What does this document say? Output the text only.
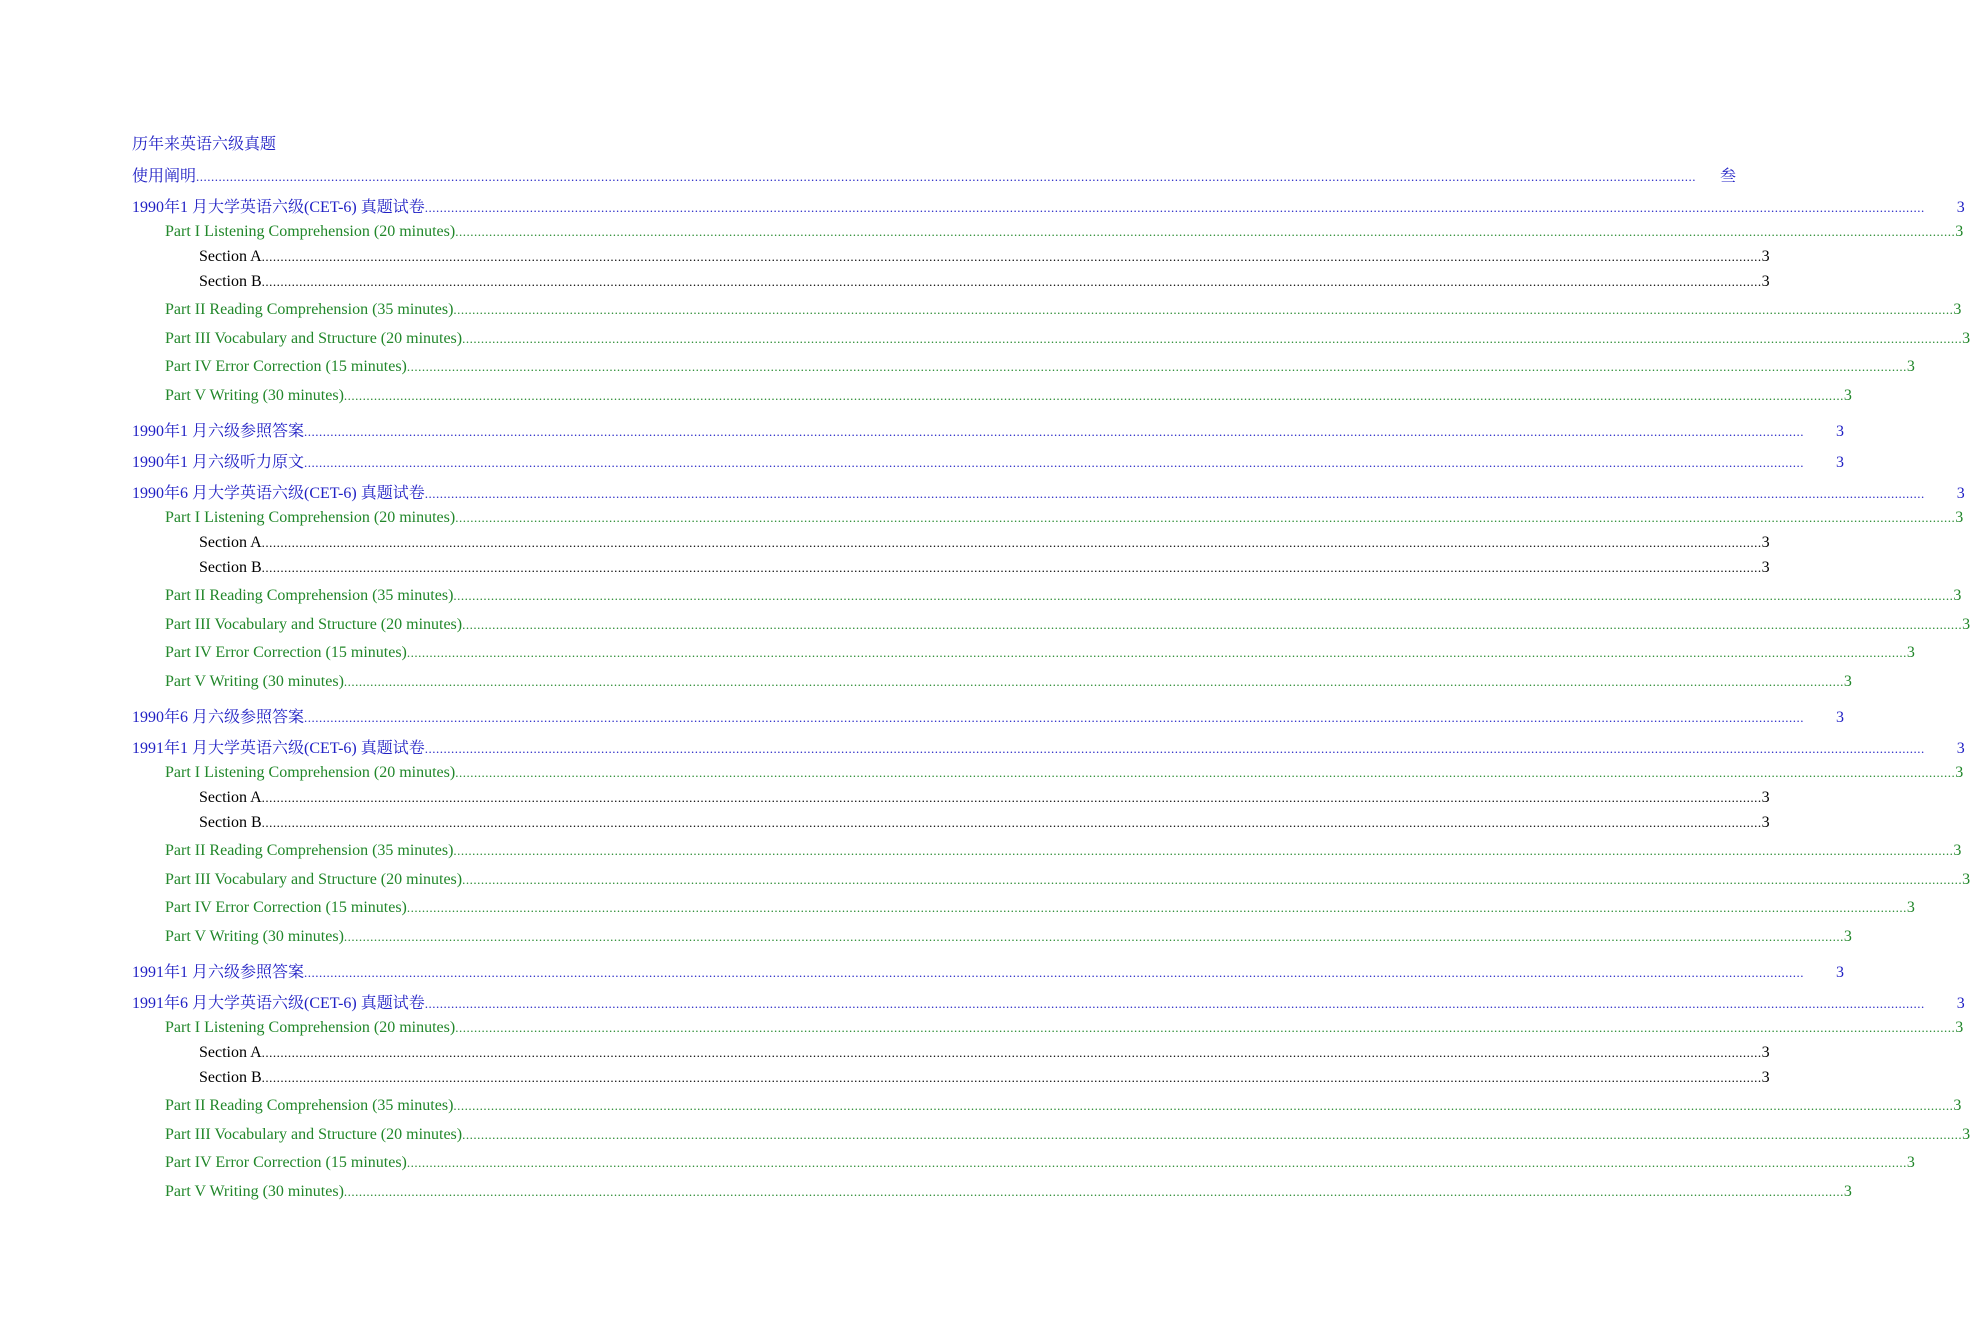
历年来英语六级真题
使用阐明 ................................................................................................................................................................................................................................................................................................................................................................................................................	叁
1990年1 月大学英语六级(CET-6) 真题试卷 ................................................................................................................................................................................................................................................................................................................................................................................................................	3
Part I Listening Comprehension (20 minutes) ................................................................................................................................................................................................................................................................................................................................................................................................................ 3
Section A ................................................................................................................................................................................................................................................................................................................................................................................................................ 3
Section B ................................................................................................................................................................................................................................................................................................................................................................................................................ 3
Part II Reading Comprehension (35 minutes) ................................................................................................................................................................................................................................................................................................................................................................................................................ 3
Part III Vocabulary and Structure (20 minutes) ................................................................................................................................................................................................................................................................................................................................................................................................................ 3
Part IV Error Correction (15 minutes) ................................................................................................................................................................................................................................................................................................................................................................................................................ 3
Part V Writing (30 minutes) ................................................................................................................................................................................................................................................................................................................................................................................................................ 3
1990年1 月六级参照答案 ................................................................................................................................................................................................................................................................................................................................................................................................................	3
1990年1 月六级听力原文 ................................................................................................................................................................................................................................................................................................................................................................................................................	3
1990年6 月大学英语六级(CET-6) 真题试卷 ................................................................................................................................................................................................................................................................................................................................................................................................................	3
Part I Listening Comprehension (20 minutes) ................................................................................................................................................................................................................................................................................................................................................................................................................ 3
Section A ................................................................................................................................................................................................................................................................................................................................................................................................................ 3
Section B ................................................................................................................................................................................................................................................................................................................................................................................................................ 3
Part II Reading Comprehension (35 minutes) ................................................................................................................................................................................................................................................................................................................................................................................................................ 3
Part III Vocabulary and Structure (20 minutes) ................................................................................................................................................................................................................................................................................................................................................................................................................ 3
Part IV Error Correction (15 minutes) ................................................................................................................................................................................................................................................................................................................................................................................................................ 3
Part V Writing (30 minutes) ................................................................................................................................................................................................................................................................................................................................................................................................................ 3
1990年6 月六级参照答案 ................................................................................................................................................................................................................................................................................................................................................................................................................	3
1991年1 月大学英语六级(CET-6) 真题试卷 ................................................................................................................................................................................................................................................................................................................................................................................................................	3
Part I Listening Comprehension (20 minutes) ................................................................................................................................................................................................................................................................................................................................................................................................................ 3
Section A ................................................................................................................................................................................................................................................................................................................................................................................................................ 3
Section B ................................................................................................................................................................................................................................................................................................................................................................................................................ 3
Part II Reading Comprehension (35 minutes) ................................................................................................................................................................................................................................................................................................................................................................................................................ 3
Part III Vocabulary and Structure (20 minutes) ................................................................................................................................................................................................................................................................................................................................................................................................................ 3
Part IV Error Correction (15 minutes) ................................................................................................................................................................................................................................................................................................................................................................................................................ 3
Part V Writing (30 minutes) ................................................................................................................................................................................................................................................................................................................................................................................................................ 3
1991年1 月六级参照答案 ................................................................................................................................................................................................................................................................................................................................................................................................................	3
1991年6 月大学英语六级(CET-6) 真题试卷 ................................................................................................................................................................................................................................................................................................................................................................................................................	3
Part I Listening Comprehension (20 minutes) ................................................................................................................................................................................................................................................................................................................................................................................................................ 3
Section A ................................................................................................................................................................................................................................................................................................................................................................................................................ 3
Section B ................................................................................................................................................................................................................................................................................................................................................................................................................ 3
Part II Reading Comprehension (35 minutes) ................................................................................................................................................................................................................................................................................................................................................................................................................ 3
Part III Vocabulary and Structure (20 minutes) ................................................................................................................................................................................................................................................................................................................................................................................................................ 3
Part IV Error Correction (15 minutes) ................................................................................................................................................................................................................................................................................................................................................................................................................ 3
Part V Writing (30 minutes) ................................................................................................................................................................................................................................................................................................................................................................................................................ 3
